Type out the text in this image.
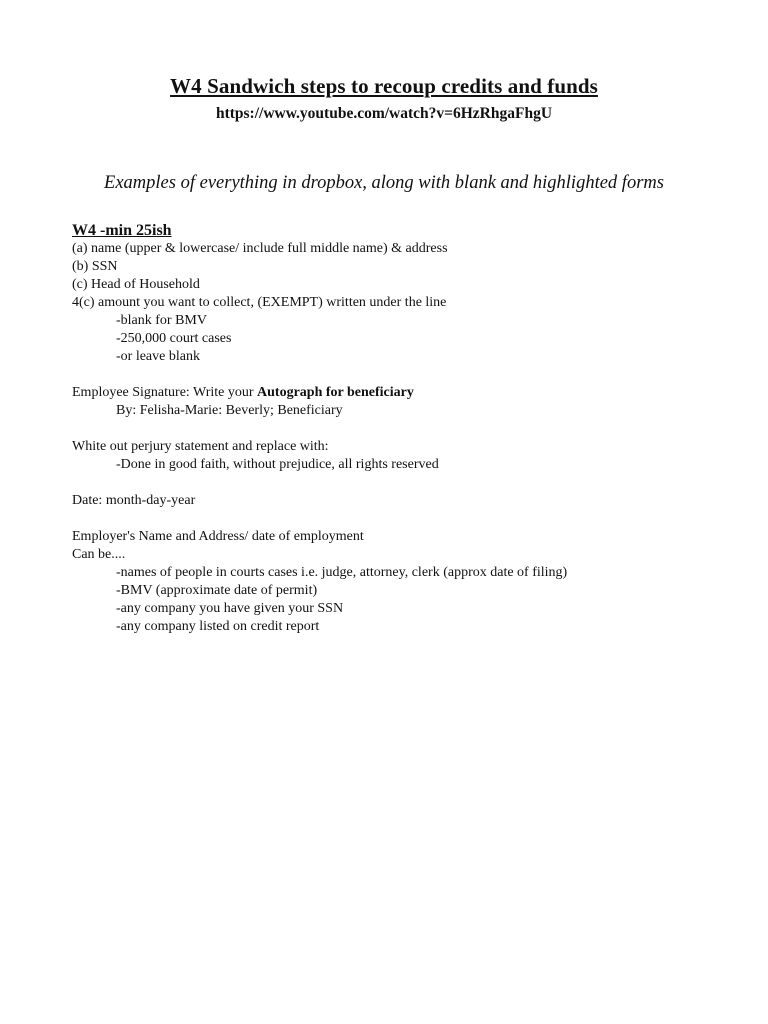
W4 Sandwich steps to recoup credits and funds
https://www.youtube.com/watch?v=6HzRhgaFhgU
Examples of everything in dropbox, along with blank and highlighted forms
W4 -min 25ish
(a) name (upper & lowercase/ include full middle name) & address
(b) SSN
(c) Head of Household
4(c) amount you want to collect, (EXEMPT) written under the line
-blank for BMV
-250,000 court cases
-or leave blank
Employee Signature: Write your Autograph for beneficiary
By: Felisha-Marie: Beverly; Beneficiary
White out perjury statement and replace with:
-Done in good faith, without prejudice, all rights reserved
Date: month-day-year
Employer's Name and Address/ date of employment
Can be....
-names of people in courts cases i.e. judge, attorney, clerk (approx date of filing)
-BMV (approximate date of permit)
-any company you have given your SSN
-any company listed on credit report
